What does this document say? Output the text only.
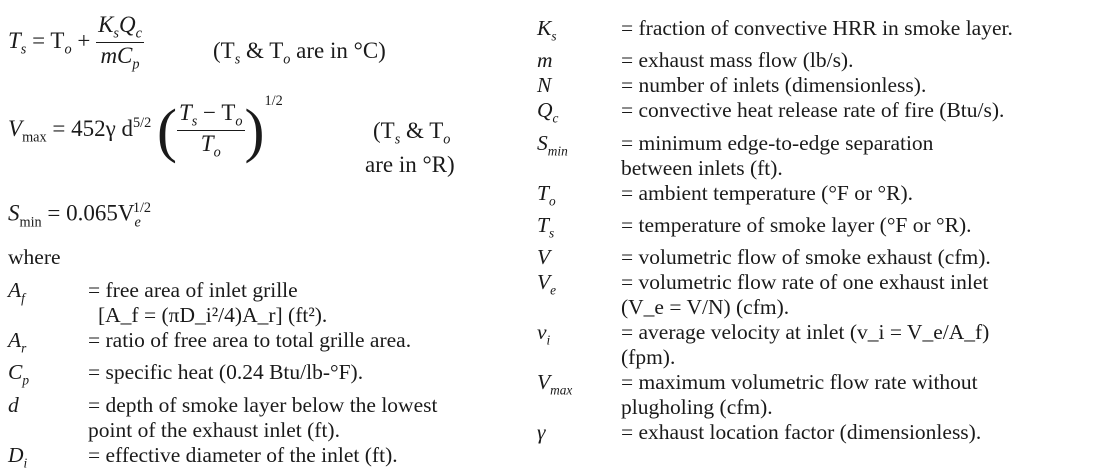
$T_s = T_o + \frac{K_sQ_c}{mC_p}$	($T_s$ & $T_o$ are in °C)
$V_{max} = 452\gamma$ $d^{5/2}$ ( $\frac{T_s - T_o}{T_o} )^{1/2}$
($T_s$ & $T_o$
are in °R)
$S_{min} = 0.065V_e^{1/2}$
where
$A_f$	= free area of inlet grille
[A_f = (πD_i²/4)A_r] (ft²).
$A_r$	= ratio of free area to total grille area.
$C_p$	= specific heat (0.24 Btu/lb-°F).
d	= depth of smoke layer below the lowest
point of the exhaust inlet (ft).
$D_i$	= effective diameter of the inlet (ft).
$K_s$	= fraction of convective HRR in smoke layer.
m	= exhaust mass flow (lb/s).
N	= number of inlets (dimensionless).
$Q_c$	= convective heat release rate of fire (Btu/s).
$S_{min}$	= minimum edge-to-edge separation
between inlets (ft).
$T_o$	= ambient temperature (°F or °R).
$T_s$	= temperature of smoke layer (°F or °R).
V	= volumetric flow of smoke exhaust (cfm).
$V_e$	= volumetric flow rate of one exhaust inlet
(V_e = V/N) (cfm).
$v_i$	= average velocity at inlet (v_i = V_e/A_f)
(fpm).
$V_{max}$	= maximum volumetric flow rate without
plugholing (cfm).
γ	= exhaust location factor (dimensionless).
